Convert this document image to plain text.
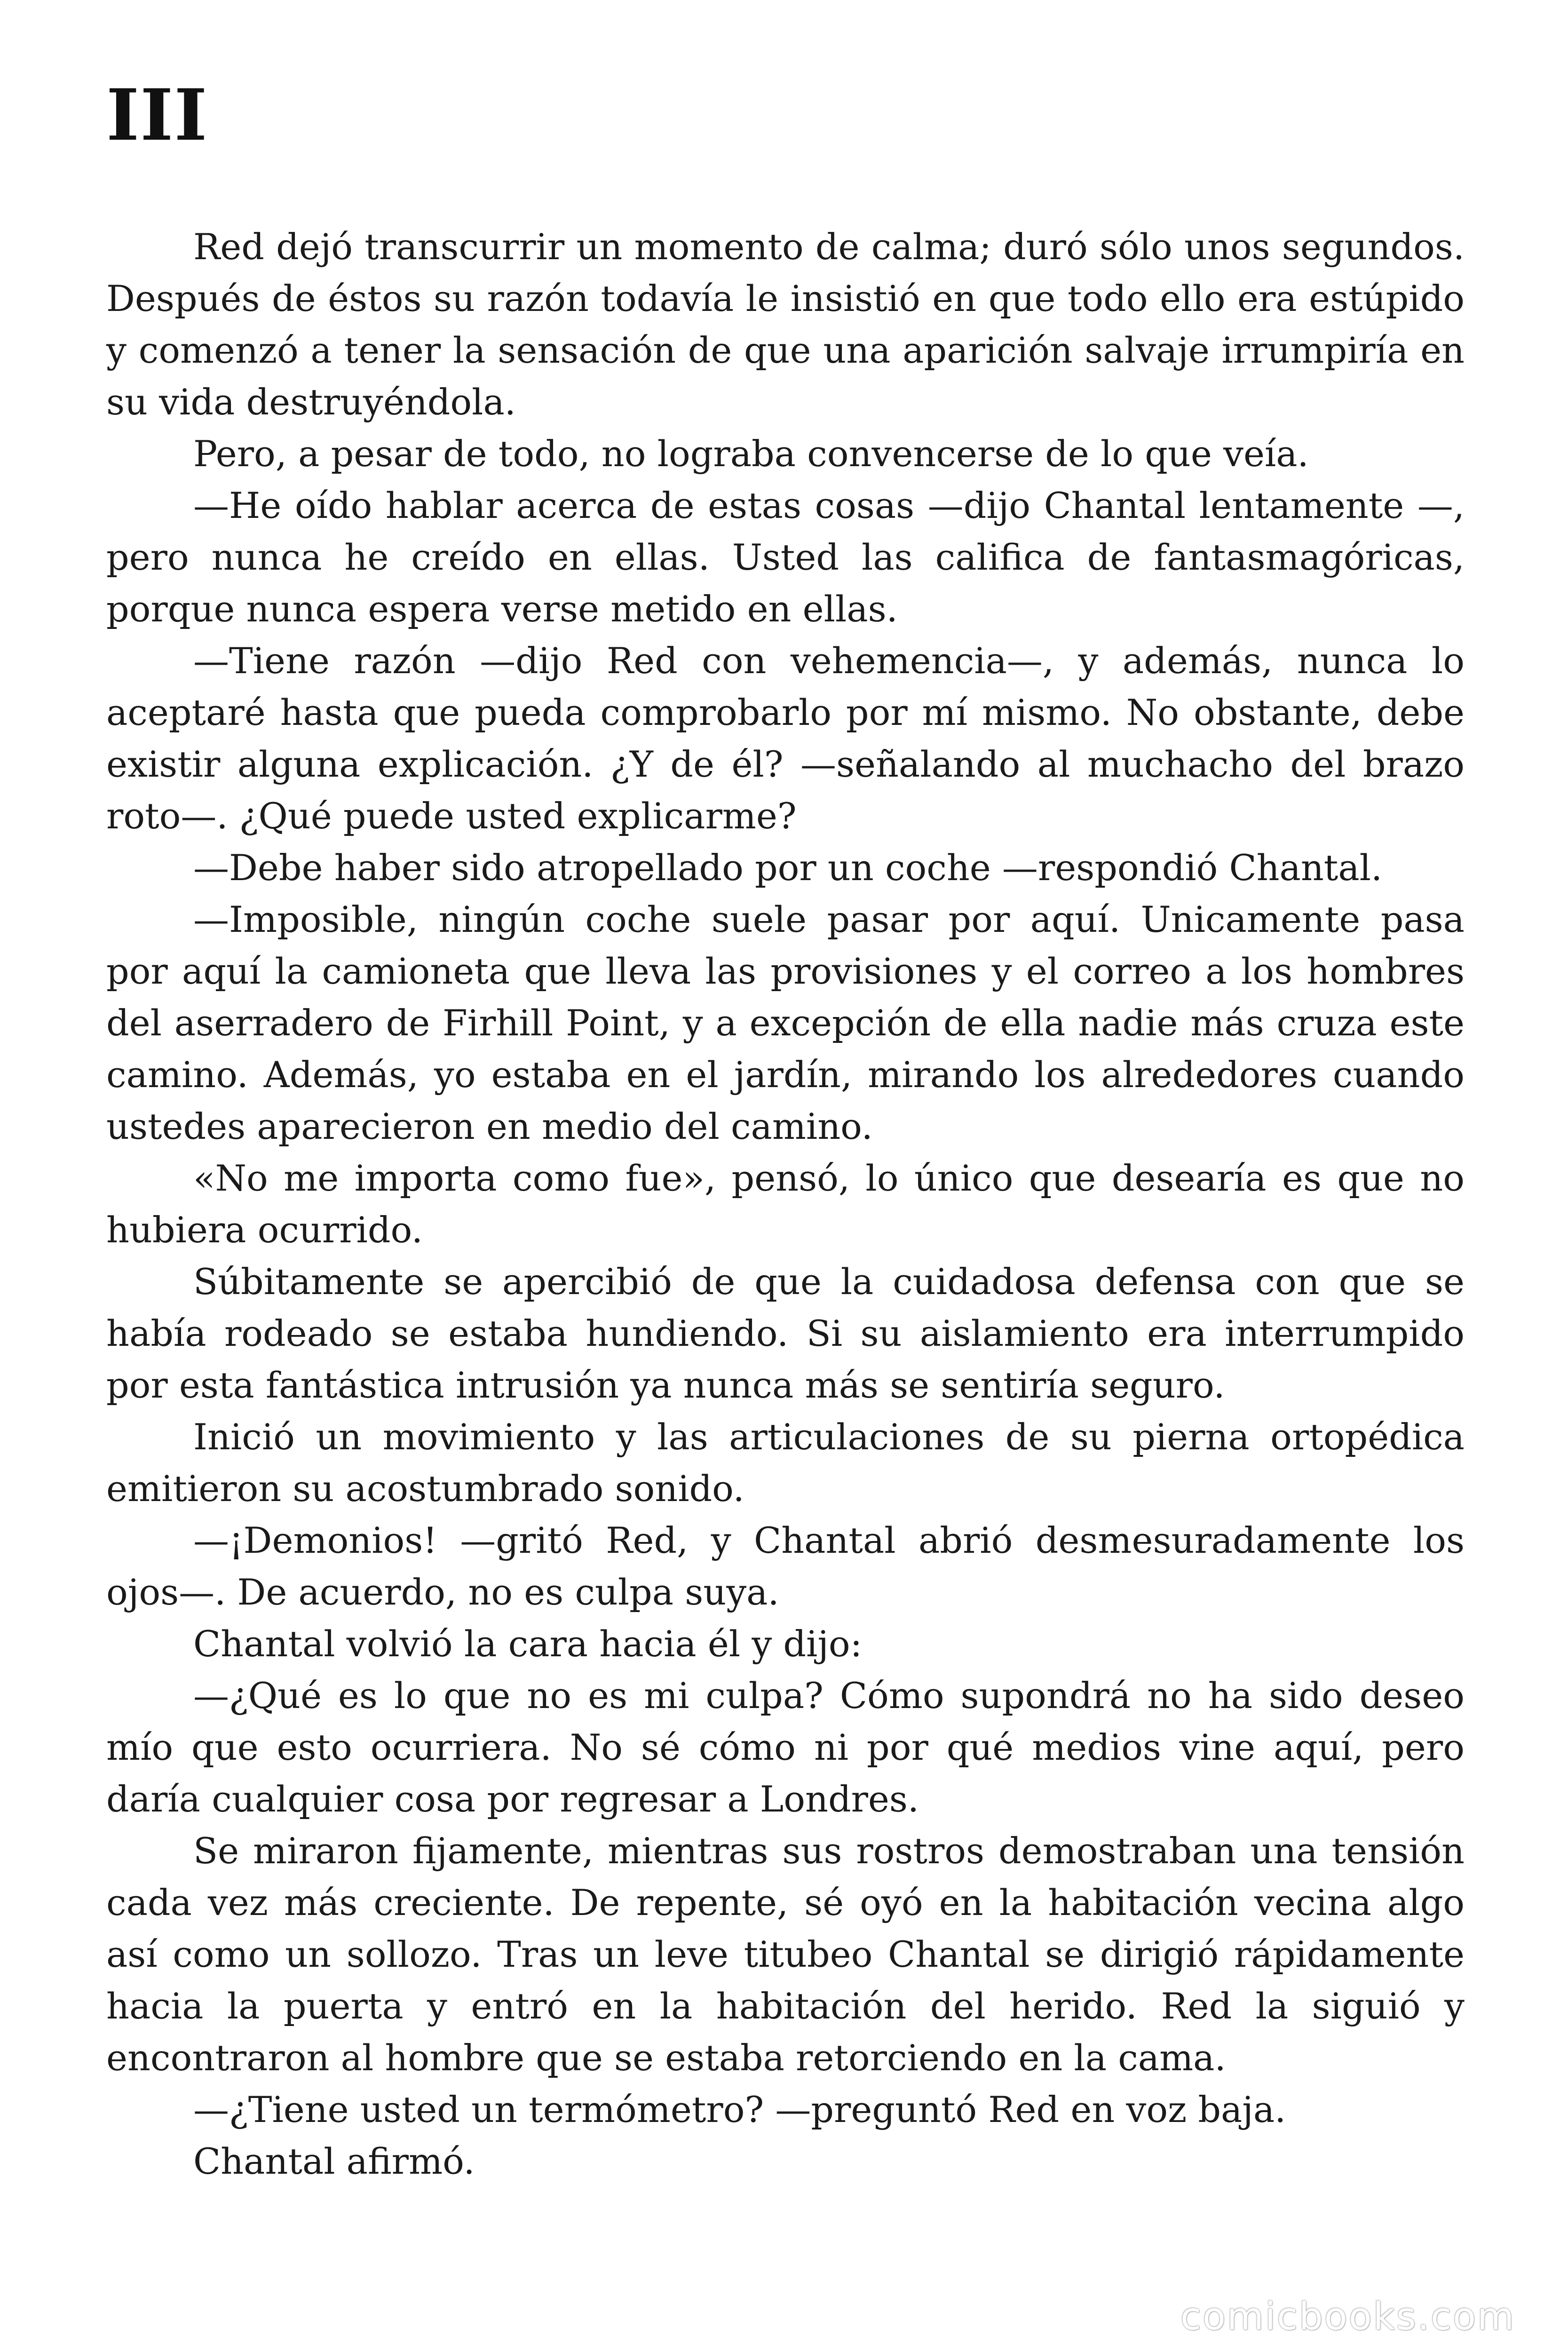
III

Red dejó transcurrir un momento de calma; duró sólo unos segundos. Después de éstos su razón todavía le insistió en que todo ello era estúpido y comenzó a tener la sensación de que una aparición salvaje irrumpiría en su vida destruyéndola.

Pero, a pesar de todo, no lograba convencerse de lo que veía.

—He oído hablar acerca de estas cosas —dijo Chantal lentamente —, pero nunca he creído en ellas. Usted las califica de fantasmagóricas, porque nunca espera verse metido en ellas.

—Tiene razón —dijo Red con vehemencia—, y además, nunca lo aceptaré hasta que pueda comprobarlo por mí mismo. No obstante, debe existir alguna explicación. ¿Y de él? —señalando al muchacho del brazo roto—. ¿Qué puede usted explicarme?

—Debe haber sido atropellado por un coche —respondió Chantal.

—Imposible, ningún coche suele pasar por aquí. Unicamente pasa por aquí la camioneta que lleva las provisiones y el correo a los hombres del aserradero de Firhill Point, y a excepción de ella nadie más cruza este camino. Además, yo estaba en el jardín, mirando los alrededores cuando ustedes aparecieron en medio del camino.

«No me importa como fue», pensó, lo único que desearía es que no hubiera ocurrido.

Súbitamente se apercibió de que la cuidadosa defensa con que se había rodeado se estaba hundiendo. Si su aislamiento era interrumpido por esta fantástica intrusión ya nunca más se sentiría seguro.

Inició un movimiento y las articulaciones de su pierna ortopédica emitieron su acostumbrado sonido.

—¡Demonios! —gritó Red, y Chantal abrió desmesuradamente los ojos—. De acuerdo, no es culpa suya.

Chantal volvió la cara hacia él y dijo:

—¿Qué es lo que no es mi culpa? Cómo supondrá no ha sido deseo mío que esto ocurriera. No sé cómo ni por qué medios vine aquí, pero daría cualquier cosa por regresar a Londres.

Se miraron fijamente, mientras sus rostros demostraban una tensión cada vez más creciente. De repente, sé oyó en la habitación vecina algo así como un sollozo. Tras un leve titubeo Chantal se dirigió rápidamente hacia la puerta y entró en la habitación del herido. Red la siguió y encontraron al hombre que se estaba retorciendo en la cama.

—¿Tiene usted un termómetro? —preguntó Red en voz baja.

Chantal afirmó.

comicbooks.com
